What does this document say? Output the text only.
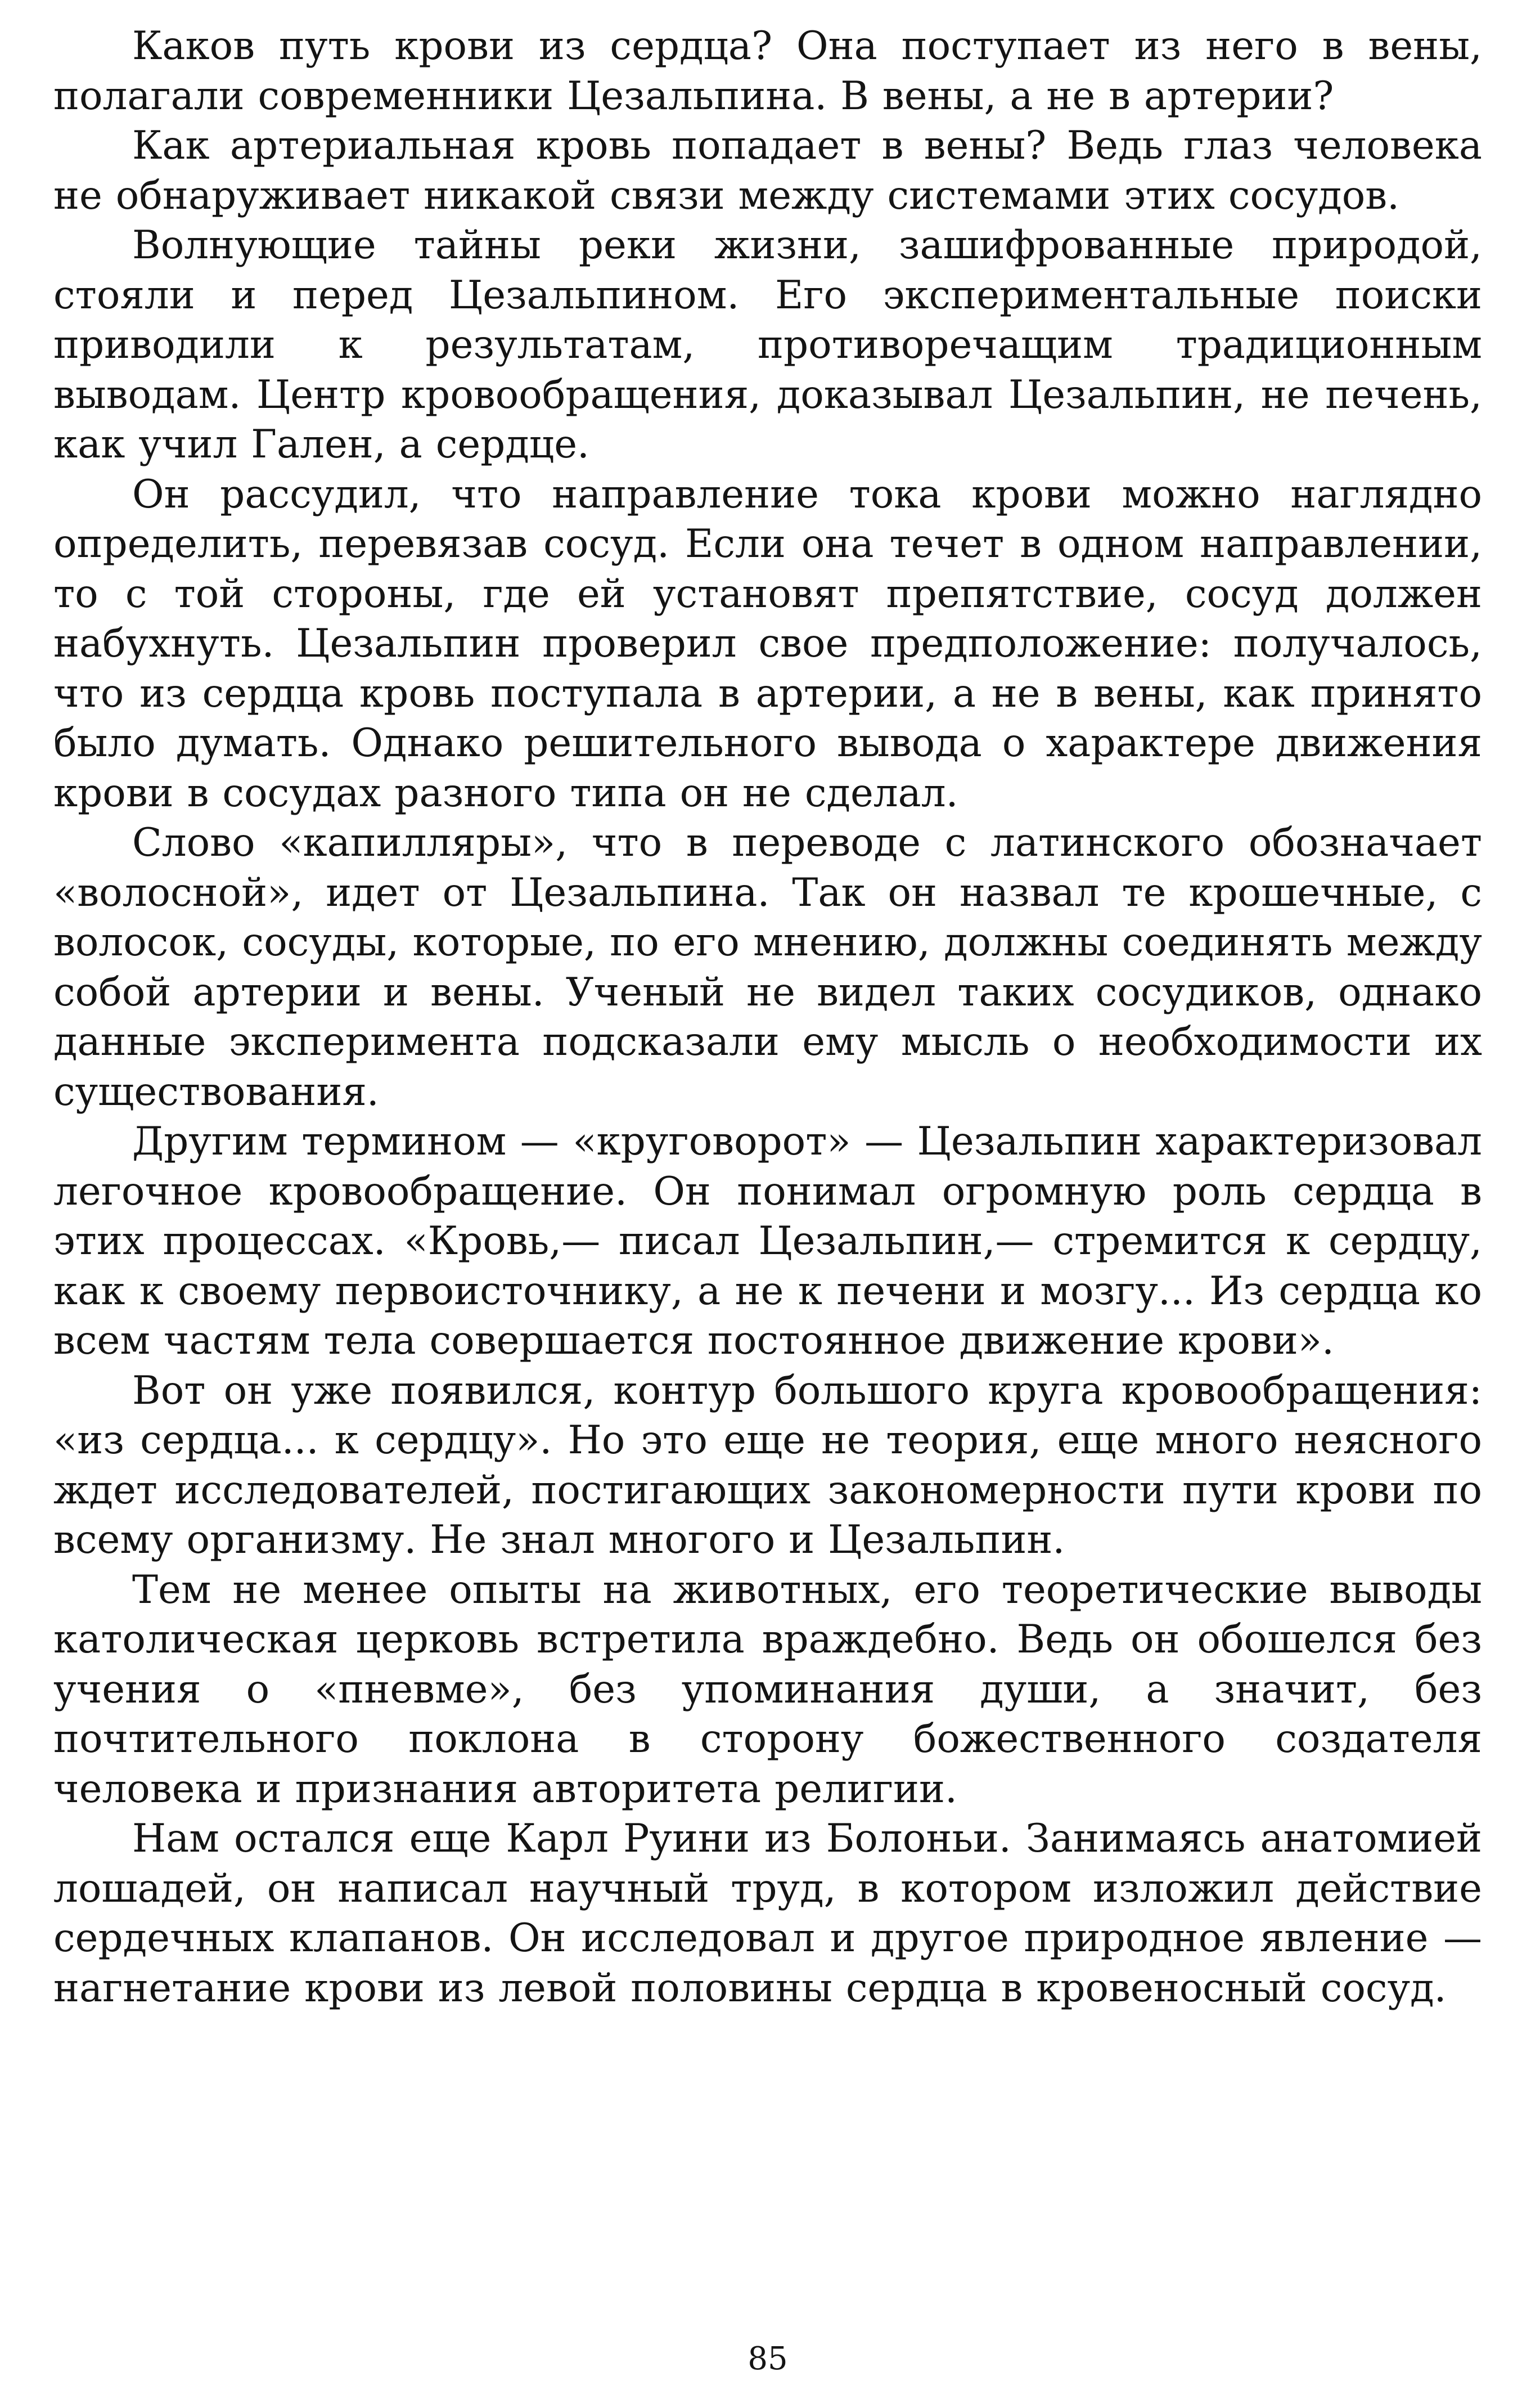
Каков путь крови из сердца? Она поступает из него в вены, полагали современники Цезальпина. В вены, а не в артерии?

Как артериальная кровь попадает в вены? Ведь глаз человека не обнаруживает никакой связи между системами этих сосудов.

Волнующие тайны реки жизни, зашифрованные природой, стояли и перед Цезальпином. Его экспериментальные поиски приводили к результатам, противоречащим традиционным выводам. Центр кровообращения, доказывал Цезальпин, не печень, как учил Гален, а сердце.

Он рассудил, что направление тока крови можно наглядно определить, перевязав сосуд. Если она течет в одном направлении, то с той стороны, где ей установят препятствие, сосуд должен набухнуть. Цезальпин проверил свое предположение: получалось, что из сердца кровь поступала в артерии, а не в вены, как принято было думать. Однако решительного вывода о характере движения крови в сосудах разного типа он не сделал.

Слово «капилляры», что в переводе с латинского обозначает «волосной», идет от Цезальпина. Так он назвал те крошечные, с волосок, сосуды, которые, по его мнению, должны соединять между собой артерии и вены. Ученый не видел таких сосудиков, однако данные эксперимента подсказали ему мысль о необходимости их существования.

Другим термином — «круговорот» — Цезальпин характеризовал легочное кровообращение. Он понимал огромную роль сердца в этих процессах. «Кровь,— писал Цезальпин,— стремится к сердцу, как к своему первоисточнику, а не к печени и мозгу... Из сердца ко всем частям тела совершается постоянное движение крови».

Вот он уже появился, контур большого круга кровообращения: «из сердца... к сердцу». Но это еще не теория, еще много неясного ждет исследователей, постигающих закономерности пути крови по всему организму. Не знал многого и Цезальпин.

Тем не менее опыты на животных, его теоретические выводы католическая церковь встретила враждебно. Ведь он обошелся без учения о «пневме», без упоминания души, а значит, без почтительного поклона в сторону божественного создателя человека и признания авторитета религии.

Нам остался еще Карл Руини из Болоньи. Занимаясь анатомией лошадей, он написал научный труд, в котором изложил действие сердечных клапанов. Он исследовал и другое природное явление — нагнетание крови из левой половины сердца в кровеносный сосуд.

85
